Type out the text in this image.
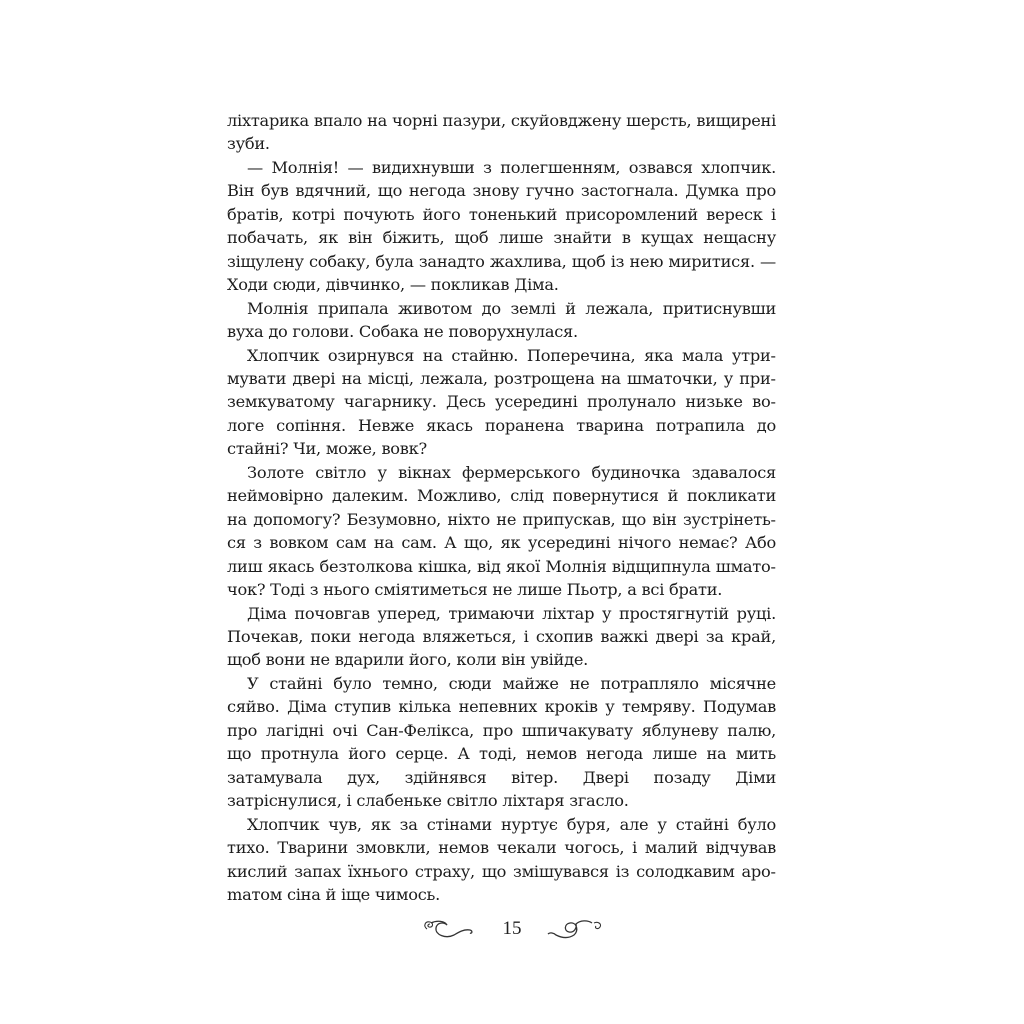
ліхтарика впало на чорні пазури, скуйовджену шерсть, вищирені зуби.

— Молнія! — видихнувши з полегшенням, озвався хлопчик. Він був вдячний, що негода знову гучно застогнала. Думка про братів, котрі почують його тоненький присоромлений вереск і побачать, як він біжить, щоб лише знайти в кущах нещасну зіщулену собаку, була занадто жахлива, щоб із нею миритися. — Ходи сюди, дівчинко, — покликав Діма.

Молнія припала животом до землі й лежала, притиснувши вуха до голови. Собака не поворухнулася.

Хлопчик озирнувся на стайню. Поперечина, яка мала утримувати двері на місці, лежала, розтрощена на шматочки, у приземкуватому чагарнику. Десь усередині пролунало низьке вологе сопіння. Невже якась поранена тварина потрапила до стайні? Чи, може, вовк?

Золоте світло у вікнах фермерського будиночка здавалося неймовірно далеким. Можливо, слід повернутися й покликати на допомогу? Безумовно, ніхто не припускав, що він зустрінеться з вовком сам на сам. А що, як усередині нічого немає? Або лиш якась безтолкова кішка, від якої Молнія відщипнула шматочок? Тоді з нього сміятиметься не лише Пьотр, а всі брати.

Діма почовгав уперед, тримаючи ліхтар у простягнутій руці. Почекав, поки негода вляжеться, і схопив важкі двері за край, щоб вони не вдарили його, коли він увійде.

У стайні було темно, сюди майже не потрапляло місячне сяйво. Діма ступив кілька непевних кроків у темряву. Подумав про лагідні очі Сан-Фелікса, про шпичакувату яблуневу палю, що протнула його серце. А тоді, немов негода лише на мить затамувала дух, здійнявся вітер. Двері позаду Діми затріснулися, і слабеньке світло ліхтаря згасло.

Хлопчик чув, як за стінами нуртує буря, але у стайні було тихо. Тварини змовкли, немов чекали чогось, і малий відчував кислий запах їхнього страху, що змішувався із солодкавим ароmатом сіна й іще чимось.

15
